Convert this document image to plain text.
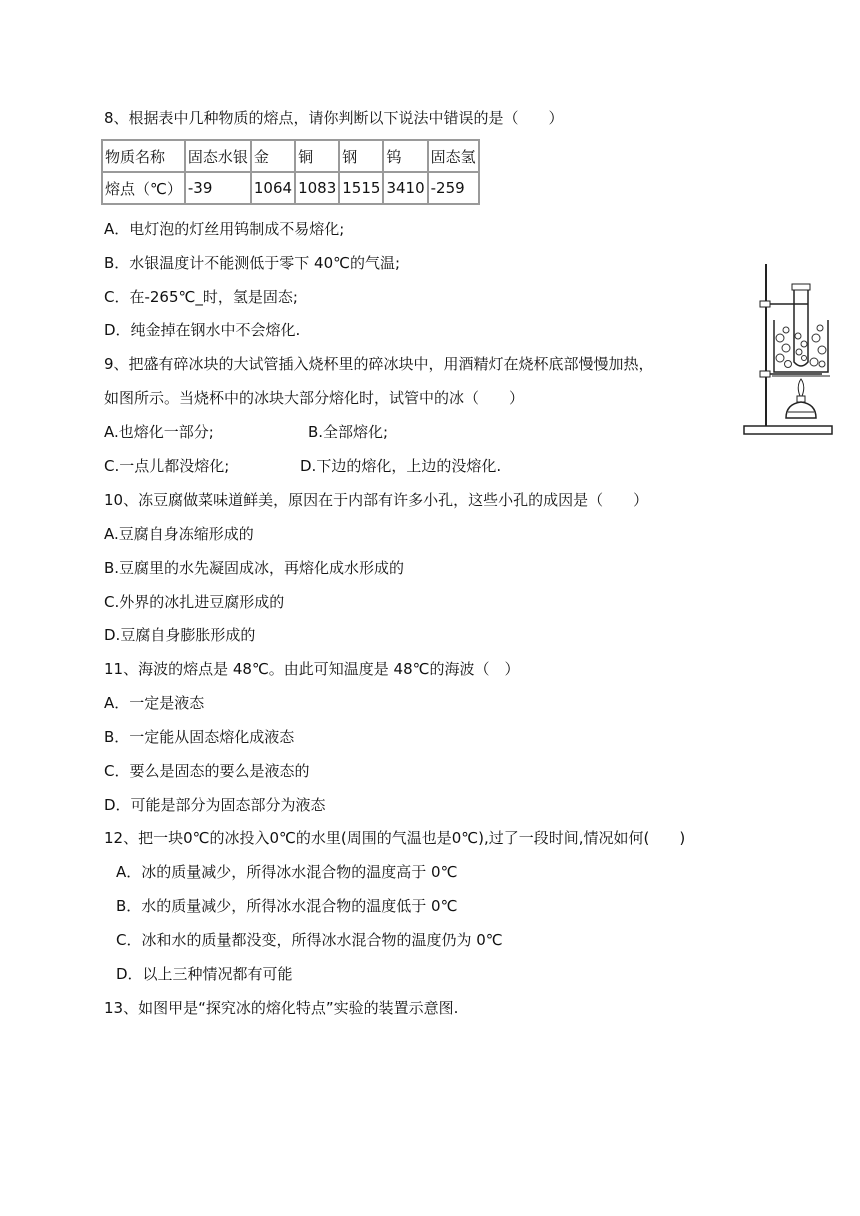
8、根据表中几种物质的熔点，请你判断以下说法中错误的是（　　）
物质名称	固态水银	金	铜	钢	钨	固态氢
熔点（℃）	-39	1064	1083	1515	3410	-259
A．电灯泡的灯丝用钨制成不易熔化;
B．水银温度计不能测低于零下 40℃的气温;
C．在-265℃_时，氢是固态;
D．纯金掉在钢水中不会熔化.
9、把盛有碎冰块的大试管插入烧杯里的碎冰块中，用酒精灯在烧杯底部慢慢加热，
如图所示。当烧杯中的冰块大部分熔化时，试管中的冰（　　）
A.也熔化一部分;	B.全部熔化;
C.一点儿都没熔化;	D.下边的熔化，上边的没熔化.
10、冻豆腐做菜味道鲜美，原因在于内部有许多小孔，这些小孔的成因是（　　）
A.豆腐自身冻缩形成的
B.豆腐里的水先凝固成冰，再熔化成水形成的
C.外界的冰扎进豆腐形成的
D.豆腐自身膨胀形成的
11、海波的熔点是 48℃。由此可知温度是 48℃的海波（　）
A．一定是液态
B．一定能从固态熔化成液态
C．要么是固态的要么是液态的
D．可能是部分为固态部分为液态
12、把一块0℃的冰投入0℃的水里(周围的气温也是0℃),过了一段时间,情况如何(　　)
A．冰的质量减少，所得冰水混合物的温度高于 0℃
B．水的质量减少，所得冰水混合物的温度低于 0℃
C．冰和水的质量都没变，所得冰水混合物的温度仍为 0℃
D．以上三种情况都有可能
13、如图甲是“探究冰的熔化特点”实验的装置示意图.
